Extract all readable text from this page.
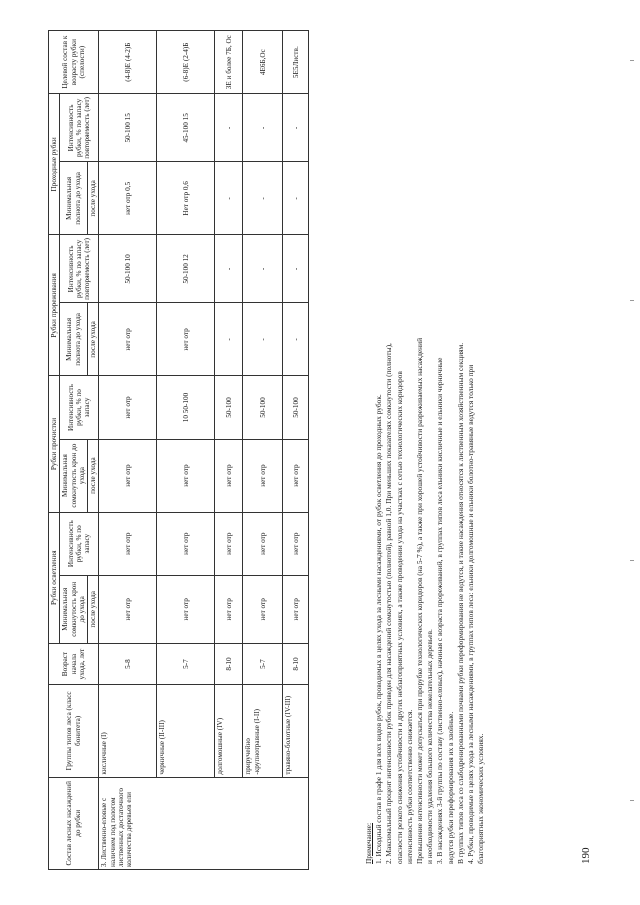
Состав лесных насаждений до рубки	Группы типов леса (класс бонитета)	Возраст начала ухода, лет	Рубки осветления		Рубки прочистки		Рубки прореживания		Проходные рубки		Целевой состав к возрасту рубки (спелости)
			Минимальная сомкнутость крон до ухода	Интенсивность рубки, % по запасу	Минимальная сомкнутость крон до ухода	Интенсивность рубки, % по запасу	Минимальная полнота до ухода	Интенсивность рубки, % по запасу повторяемость (лет)	Минимальная полнота до ухода	Интенсивность рубки, % по запасу повторяемость (лет)	
			после ухода		после ухода		после ухода		после ухода		
3. Лиственно-еловые с наличием под пологом лиственных достаточного количества деревьев ели	кисличные (I)	5-8	нет отр	нет отр	нет отр	нет отр	нет отр	50-100 10	нет отр 0,5	50-100 15	(4-8)Е (4-2)Б
	черничные (II-III)	5-7	нет отр	нет отр	нет отр	10 50-100	нет отр	50-100 12	Нет отр 0,6	45-100 15	(6-8)Е (2-4)Б
	долгомошные (IV)	8-10	нет отр	нет отр	нет отр	50-100	-	-	-	-	3Е и более 7Б, Ос
	приручейно -крупнотравные (I-II)	5-7	нет отр	нет отр	нет отр	50-100	-	-	-	-	4Е6Б,Ос
	травяно-болотные (IV-III)	8-10	нет отр	нет отр	нет отр	50-100	-	-	-	-	5Е5Листв.
Примечание: 1. Исходный состав в графе 1 для всех видов рубок, проводимых в целях ухода за лесными насаждениями, от рубок осветления до проходных рубок. 2. Максимальный процент интенсивности рубок приведен для насаждений сомкнутостью (полнотой), равной 1,0. При меньших показателях сомкнутости (полноты), опасности резкого снижения устойчивости и других неблагоприятных условиях, а также проведении ухода на участках с сетью технологических коридоров интенсивность рубки соответственно снижается. Превышение интенсивности может допускаться при прорубке технологических коридоров (на 5-7 %), а также при хорошей устойчивости разреживаемых насаждений и необходимости удаления большого количества нежелательных деревьев. 3. В насаждениях 3-й группы по составу (лиственно-еловых), начиная с возраста прореживаний, в группах типов леса ельники кисличные и ельники черничные ведутся рубки переформирования их в хвойные. В группах типов леса со слабодренированными почвами рубки переформирования не ведутся, и такие насаждения относятся к лиственным хозяйственным секциям. 4. Рубки, проводимые в целях ухода за лесными насаждениями, в группах типов леса: ельники долгомошные и ельники болотно-травяные ведутся только при благоприятных экономических условиях.	190
